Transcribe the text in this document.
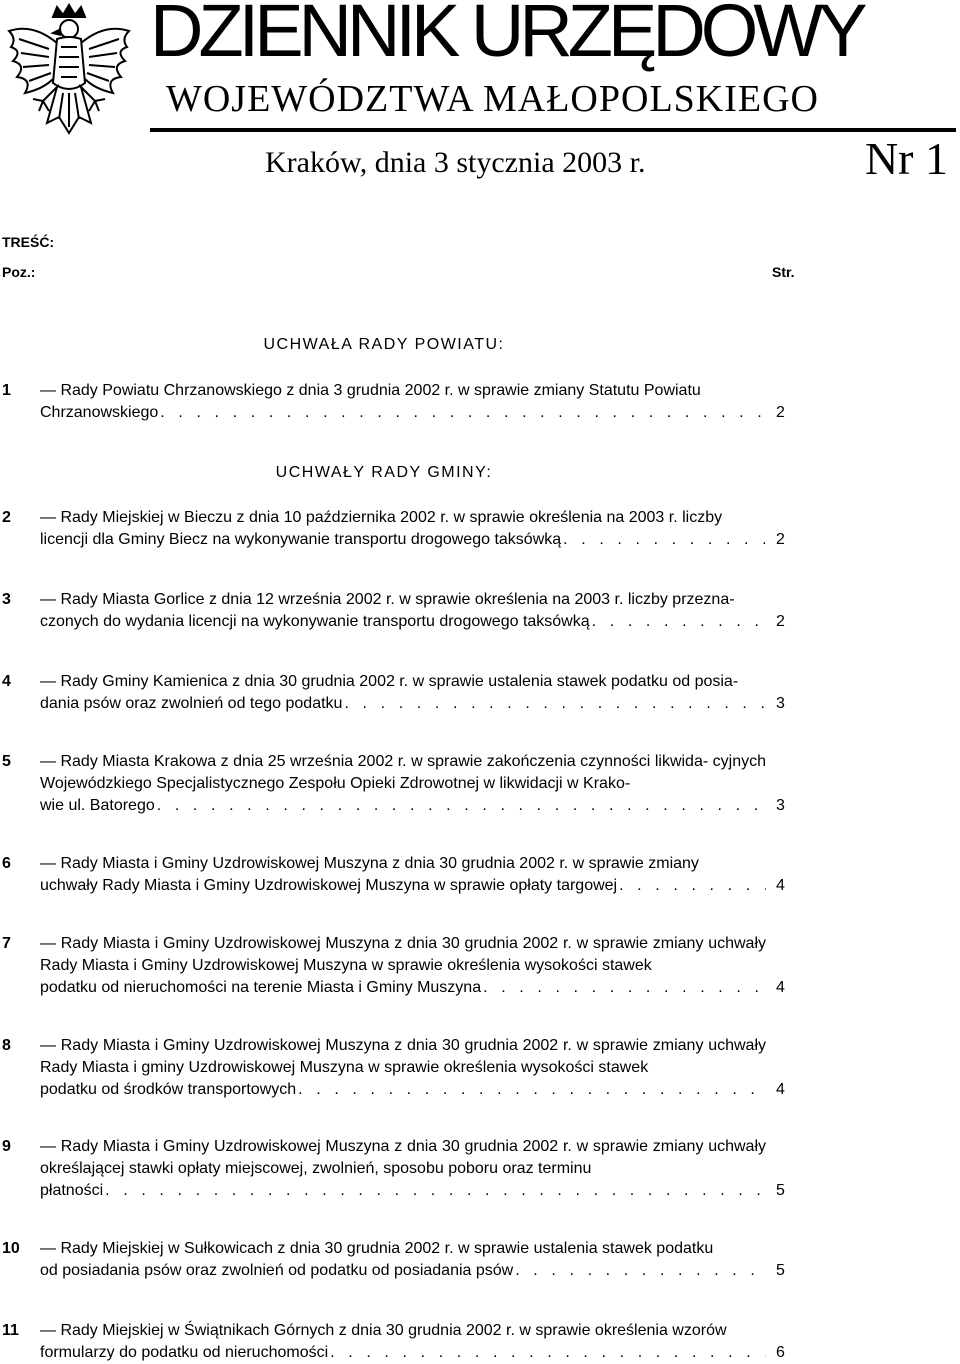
DZIENNIK URZĘDOWY
WOJEWÓDZTWA MAŁOPOLSKIEGO
Kraków, dnia 3 stycznia 2003 r.	Nr 1
TREŚĆ:
Poz.:	Str.
UCHWAŁA RADY POWIATU:
1 — Rady Powiatu Chrzanowskiego z dnia 3 grudnia 2002 r. w sprawie zmiany Statutu Powiatu
Chrzanowskiego . . .	2
UCHWAŁY RADY GMINY:
2 — Rady Miejskiej w Bieczu z dnia 10 października 2002 r. w sprawie określenia na 2003 r. liczby
licencji dla Gminy Biecz na wykonywanie transportu drogowego taksówką . . .	2
3 — Rady Miasta Gorlice z dnia 12 września 2002 r. w sprawie określenia na 2003 r. liczby przezna-
czonych do wydania licencji na wykonywanie transportu drogowego taksówką . . .	2
4 — Rady Gminy Kamienica z dnia 30 grudnia 2002 r. w sprawie ustalenia stawek podatku od posia-
dania psów oraz zwolnień od tego podatku . . .	3
5 — Rady Miasta Krakowa z dnia 25 września 2002 r. w sprawie zakończenia czynności likwida- cyjnych Wojewódzkiego Specjalistycznego Zespołu Opieki Zdrowotnej w likwidacji w Krako-
wie ul. Batorego . . .	3
6 — Rady Miasta i Gminy Uzdrowiskowej Muszyna z dnia 30 grudnia 2002 r. w sprawie zmiany
uchwały Rady Miasta i Gminy Uzdrowiskowej Muszyna w sprawie opłaty targowej . . .	4
7 — Rady Miasta i Gminy Uzdrowiskowej Muszyna z dnia 30 grudnia 2002 r. w sprawie zmiany uchwały Rady Miasta i Gminy Uzdrowiskowej Muszyna w sprawie określenia wysokości stawek
podatku od nieruchomości na terenie Miasta i Gminy Muszyna . . .	4
8 — Rady Miasta i Gminy Uzdrowiskowej Muszyna z dnia 30 grudnia 2002 r. w sprawie zmiany uchwały Rady Miasta i gminy Uzdrowiskowej Muszyna w sprawie określenia wysokości stawek
podatku od środków transportowych . . .	4
9 — Rady Miasta i Gminy Uzdrowiskowej Muszyna z dnia 30 grudnia 2002 r. w sprawie zmiany uchwały określającej stawki opłaty miejscowej, zwolnień, sposobu poboru oraz terminu
płatności . . .	5
10 — Rady Miejskiej w Sułkowicach z dnia 30 grudnia 2002 r. w sprawie ustalenia stawek podatku
od posiadania psów oraz zwolnień od podatku od posiadania psów . . .	5
11 — Rady Miejskiej w Świątnikach Górnych z dnia 30 grudnia 2002 r. w sprawie określenia wzorów
formularzy do podatku od nieruchomości . . .	6
